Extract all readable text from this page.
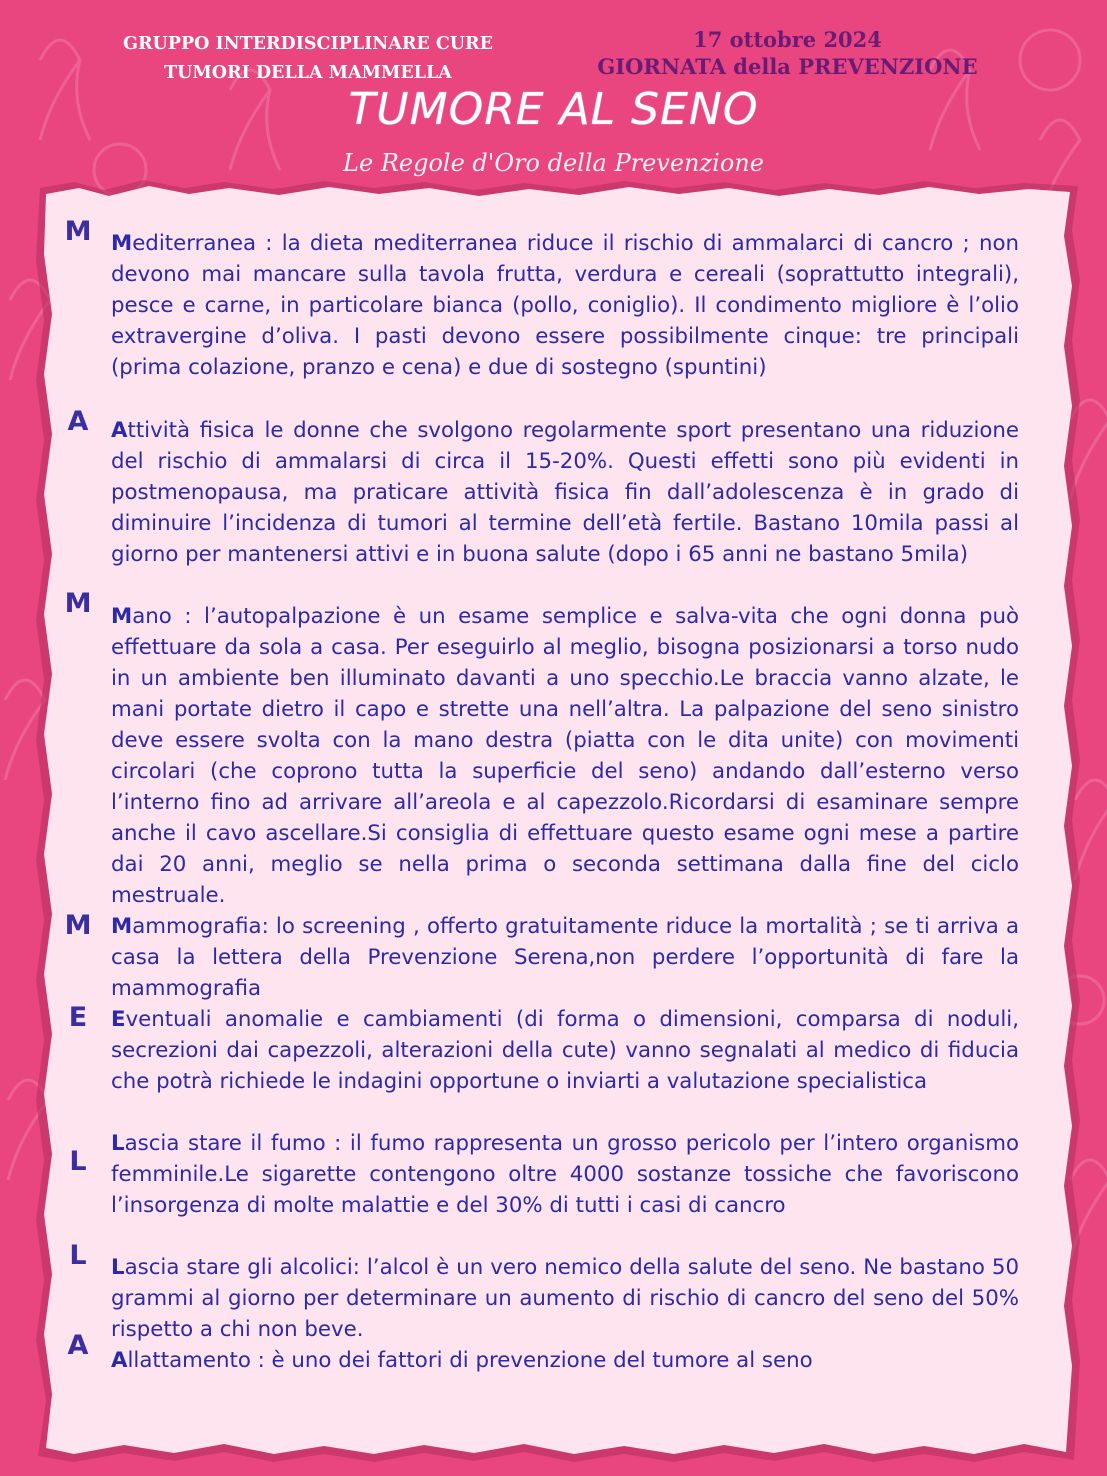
GRUPPO INTERDISCIPLINARE CURE
TUMORI DELLA MAMMELLA
17 ottobre 2024
GIORNATA della PREVENZIONE
TUMORE AL SENO
Le Regole d'Oro della Prevenzione
M Mediterranea : la dieta mediterranea riduce il rischio di ammalarci di cancro ; non devono mai mancare sulla tavola frutta, verdura e cereali (soprattutto integrali), pesce e carne, in particolare bianca (pollo, coniglio). Il condimento migliore è l’olio extravergine d’oliva. I pasti devono essere possibilmente cinque: tre principali (prima colazione, pranzo e cena) e due di sostegno (spuntini)
A	Attività fisica le donne che svolgono regolarmente sport presentano una riduzione del rischio di ammalarsi di circa il 15-20%. Questi effetti sono più evidenti in postmenopausa, ma praticare attività fisica fin dall’adolescenza è in grado di diminuire l’incidenza di tumori al termine dell’età fertile. Bastano 10mila passi al giorno per mantenersi attivi e in buona salute (dopo i 65 anni ne bastano 5mila)
M Mano : l’autopalpazione è un esame semplice e salva-vita che ogni donna può effettuare da sola a casa. Per eseguirlo al meglio, bisogna posizionarsi a torso nudo in un ambiente ben illuminato davanti a uno specchio.Le braccia vanno alzate, le mani portate dietro il capo e strette una nell’altra. La palpazione del seno sinistro deve essere svolta con la mano destra (piatta con le dita unite) con movimenti circolari (che coprono tutta la superficie del seno) andando dall’esterno verso l’interno fino ad arrivare all’areola e al capezzolo.Ricordarsi di esaminare sempre anche il cavo ascellare.Si consiglia di effettuare questo esame ogni mese a partire dai 20 anni, meglio se nella prima o seconda settimana dalla fine del ciclo mestruale.
M Mammografia: lo screening , offerto gratuitamente riduce la mortalità ; se ti arriva a casa la lettera della Prevenzione Serena,non perdere l’opportunità di fare la mammografia
E	Eventuali anomalie e cambiamenti (di forma o dimensioni, comparsa di noduli, secrezioni dai capezzoli, alterazioni della cute) vanno segnalati al medico di fiducia che potrà richiede le indagini opportune o inviarti a valutazione specialistica
L
Lascia stare il fumo : il fumo rappresenta un grosso pericolo per l’intero organismo femminile.Le sigarette contengono oltre 4000 sostanze tossiche che favoriscono l’insorgenza di molte malattie e del 30% di tutti i casi di cancro
L	Lascia stare gli alcolici: l’alcol è un vero nemico della salute del seno. Ne bastano 50 grammi al giorno per determinare un aumento di rischio di cancro del seno del 50% rispetto a chi non beve.
A	Allattamento : è uno dei fattori di prevenzione del tumore al seno
